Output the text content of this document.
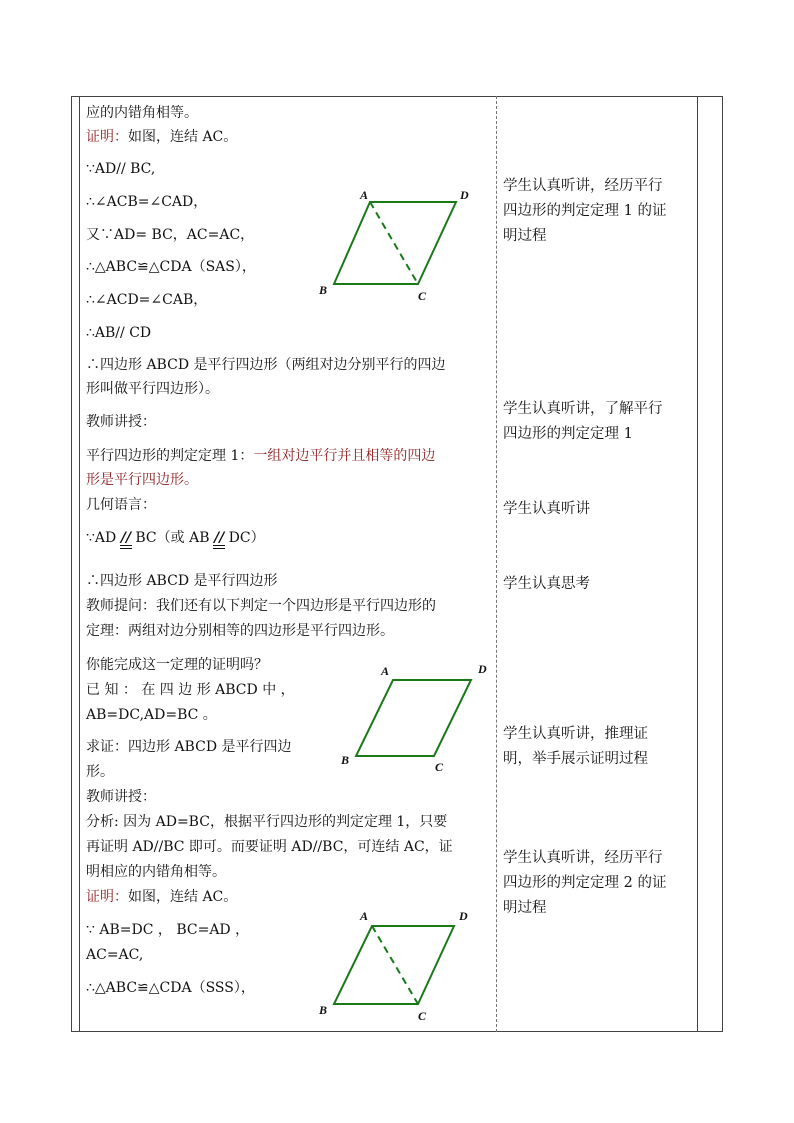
应的内错角相等。
证明：如图，连结 AC。
∵AD// BC,
∴∠ACB=∠CAD，
又∵AD= BC，AC=AC，
∴△ABC≌△CDA（SAS），
∴∠ACD=∠CAB，
∴AB// CD
∴四边形 ABCD 是平行四边形（两组对边分别平行的四边
形叫做平行四边形）。
教师讲授：
平行四边形的判定定理 1：一组对边平行并且相等的四边
形是平行四边形。
几何语言：
∵AD // BC（或 AB // DC）
∴四边形 ABCD 是平行四边形
教师提问：我们还有以下判定一个四边形是平行四边形的
定理：两组对边分别相等的四边形是平行四边形。
你能完成这一定理的证明吗？
已 知 ： 在 四 边 形 ABCD 中 ，
AB=DC,AD=BC 。
求证：四边形 ABCD 是平行四边
形。
教师讲授：
分析: 因为 AD=BC，根据平行四边形的判定定理 1，只要
再证明 AD//BC 即可。而要证明 AD//BC，可连结 AC，证
明相应的内错角相等。
证明：如图，连结 AC。
∵ AB=DC ， BC=AD ，
AC=AC,
∴△ABC≌△CDA（SSS），
A	D
B	C
A	D
B	C
A	D
B	C
学生认真听讲，经历平行
四边形的判定定理 1 的证
明过程
学生认真听讲，了解平行
四边形的判定定理 1
学生认真听讲
学生认真思考
学生认真听讲，推理证
明，举手展示证明过程
学生认真听讲，经历平行
四边形的判定定理 2 的证
明过程
